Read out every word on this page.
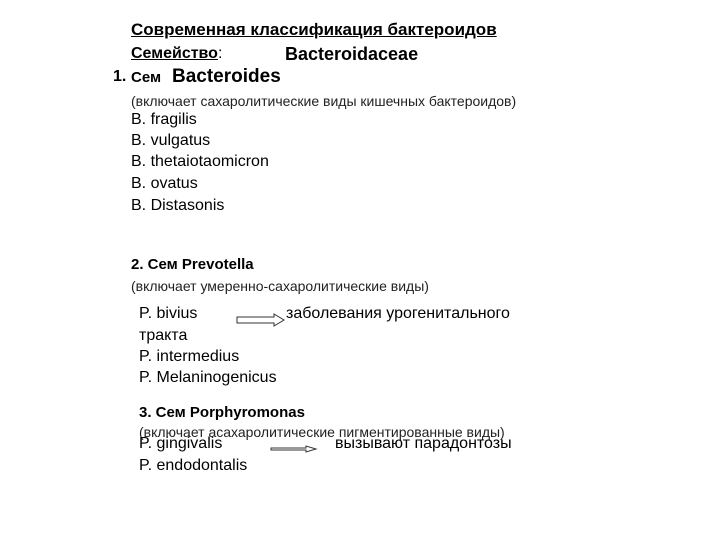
Современная классификация бактероидов
Семейство:	Bacteroidaceae
1. Сем Bacteroides
(включает сахаролитические виды кишечных бактероидов)
B. fragilis
B. vulgatus
B. thetaiotaomicron
B. ovatus
B. Distasonis
2. Сем Prevotella
(включает умеренно-сахаролитические виды)
P. bivius	заболевания урогенитального
тракта
P. intermedius
P. Melaninogenicus
3. Сем Porphyromonas
(включает асахаролитические пигментированные виды)
P. gingivalis	вызывают парадонтозы
P. endodontalis
